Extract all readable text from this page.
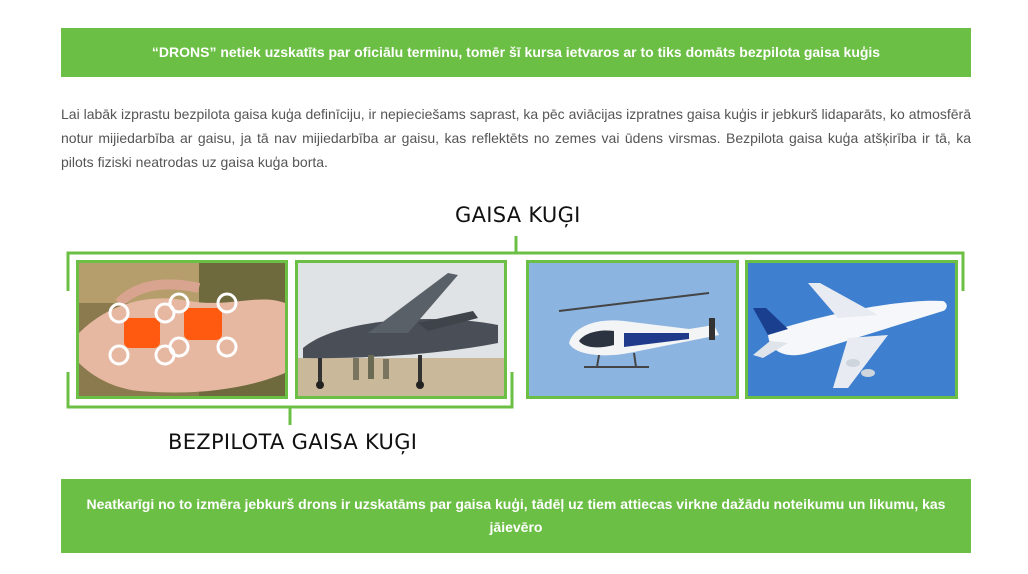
“DRONS” netiek uzskatīts par oficiālu terminu, tomēr šī kursa ietvaros ar to tiks domāts bezpilota gaisa kuģis

Lai labāk izprastu bezpilota gaisa kuģa definīciju, ir nepieciešams saprast, ka pēc aviācijas izpratnes gaisa kuģis ir jebkurš lidaparāts, ko atmosfērā notur mijiedarbība ar gaisu, ja tā nav mijiedarbība ar gaisu, kas reflektēts no zemes vai ūdens virsmas. Bezpilota gaisa kuģa atšķirība ir tā, ka pilots fiziski neatrodas uz gaisa kuģa borta.

GAISA KUĢI
BEZPILOTA GAISA KUĢI
Neatkarīgi no to izmēra jebkurš drons ir uzskatāms par gaisa kuģi, tādēļ uz tiem attiecas virkne dažādu noteikumu un likumu, kas jāievēro
